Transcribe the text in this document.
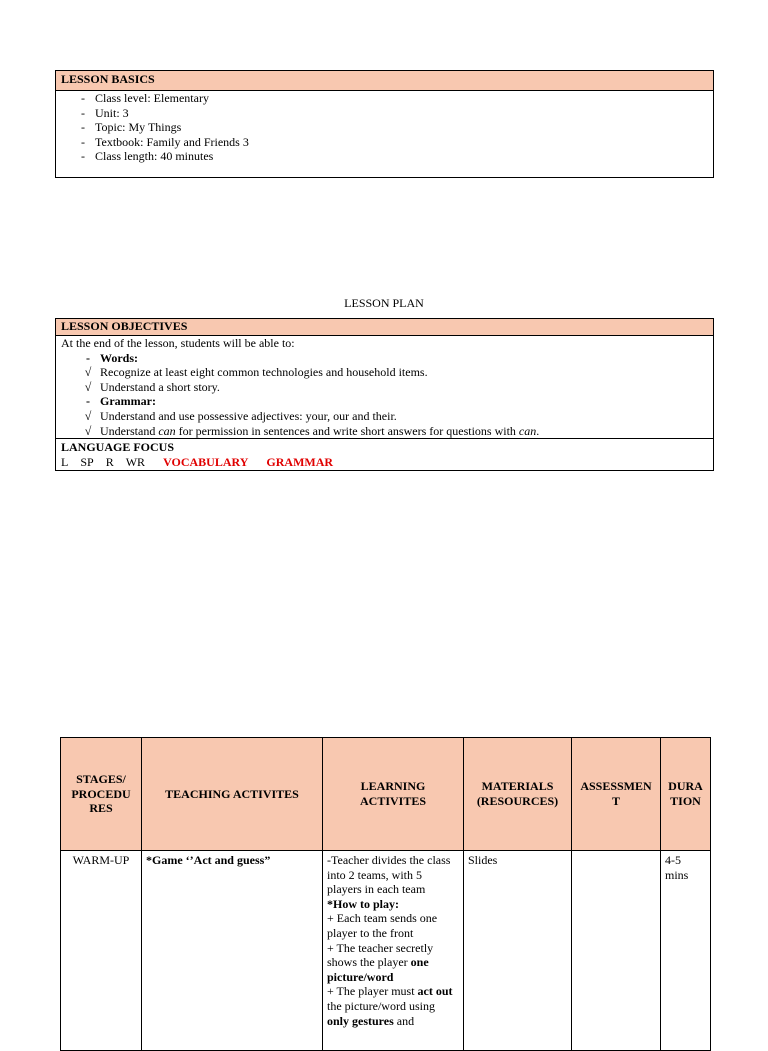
LESSON BASICS
- Class level: Elementary
- Unit: 3
- Topic: My Things
- Textbook: Family and Friends 3
- Class length: 40 minutes
LESSON PLAN
LESSON OBJECTIVES
At the end of the lesson, students will be able to:
- Words:
√ Recognize at least eight common technologies and household items.
√ Understand a short story.
- Grammar:
√ Understand and use possessive adjectives: your, our and their.
√ Understand can for permission in sentences and write short answers for questions with can.
LANGUAGE FOCUS
L SP R WR VOCABULARY GRAMMAR
STAGES/ PROCEDU RES	TEACHING ACTIVITES	LEARNING ACTIVITES	MATERIALS (RESOURCES)	ASSESSMEN T	DURA TION
WARM-UP	*Game ‘’Act and guess”	-Teacher divides the class into 2 teams, with 5 players in each team
*How to play:
+ Each team sends one player to the front
+ The teacher secretly shows the player one picture/word
+ The player must act out the picture/word using only gestures and	Slides		4-5 mins
